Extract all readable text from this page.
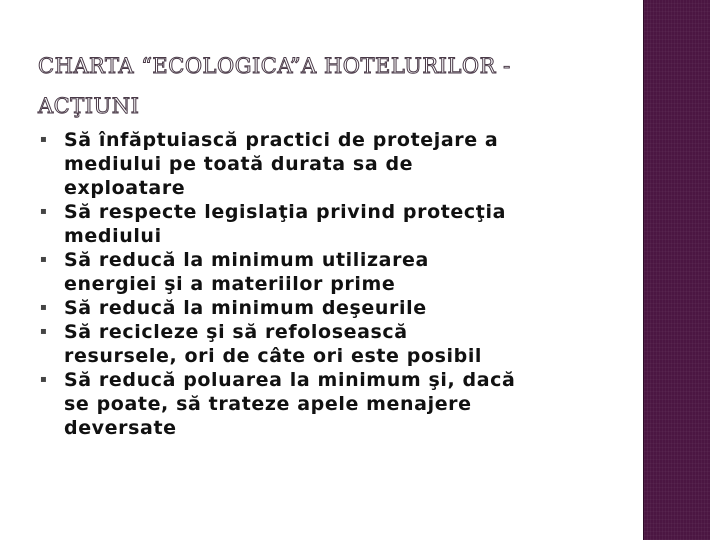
CHARTA “ECOLOGICA”A HOTELURILOR -
ACŢIUNI
▪ Să înfăptuiască practici de protejare a
mediului pe toată durata sa de
exploatare
▪ Să respecte legislaţia privind protecţia
mediului
▪ Să reducă la minimum utilizarea
energiei şi a materiilor prime
▪ Să reducă la minimum deşeurile
▪ Să recicleze şi să refolosească
resursele, ori de câte ori este posibil
▪ Să reducă poluarea la minimum şi, dacă
se poate, să trateze apele menajere
deversate
